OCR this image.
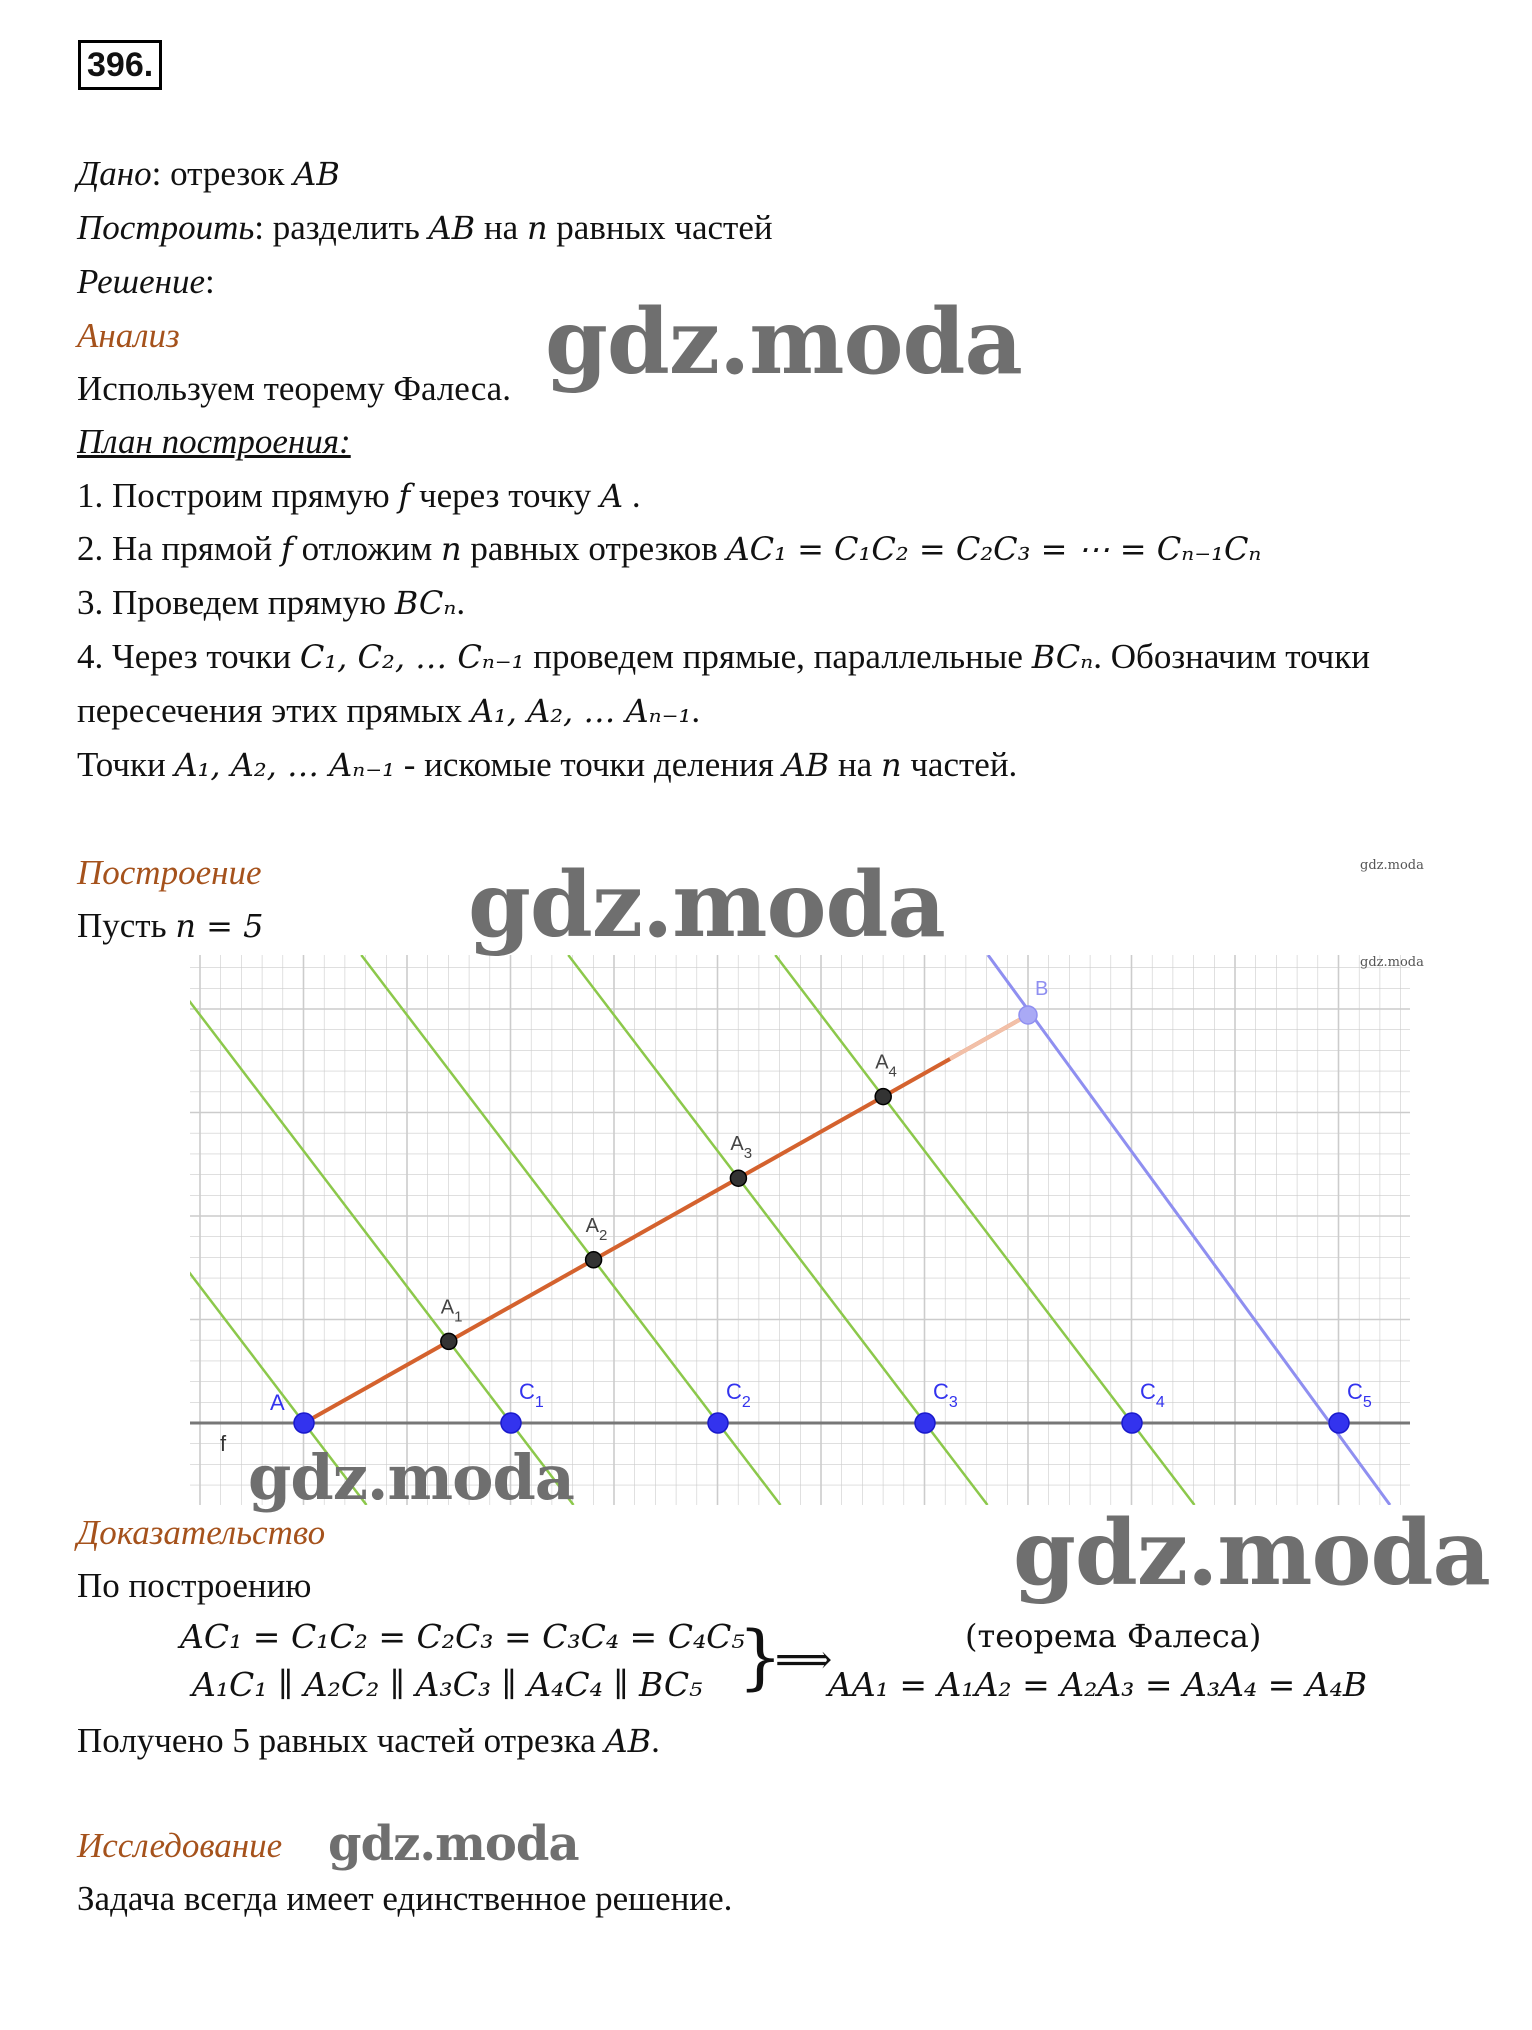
396.
Дано: отрезок AB
Построить: разделить AB на n равных частей
Решение:
Анализ
Используем теорему Фалеса.
План построения:
1. Построим прямую f через точку A .
2. На прямой f отложим n равных отрезков AC₁ = C₁C₂ = C₂C₃ = ⋯ = Cₙ₋₁Cₙ
3. Проведем прямую BCₙ.
4. Через точки C₁, C₂, … Cₙ₋₁ проведем прямые, параллельные BCₙ. Обозначим точки
пересечения этих прямых A₁, A₂, … Aₙ₋₁.
Точки A₁, A₂, … Aₙ₋₁ - искомые точки деления AB на n частей.
Построение
Пусть n = 5
f
A
B
$A_1$
$A_2$
$A_3$
$A_4$
$C_1$	$C_2$	$C_3$	$C_4$	$C_5$
gdz.moda
gdz.moda
gdz.moda
gdz.moda
gdz.moda
gdz.moda
gdz.moda
Доказательство
По построению
AC₁ = C₁C₂ = C₂C₃ = C₃C₄ = C₄C₅
A₁C₁ ∥ A₂C₂ ∥ A₃C₃ ∥ A₄C₄ ∥ BC₅ }
⟹
(теорема Фалеса)
AA₁ = A₁A₂ = A₂A₃ = A₃A₄ = A₄B
Получено 5 равных частей отрезка AB.
Исследование
Задача всегда имеет единственное решение.
